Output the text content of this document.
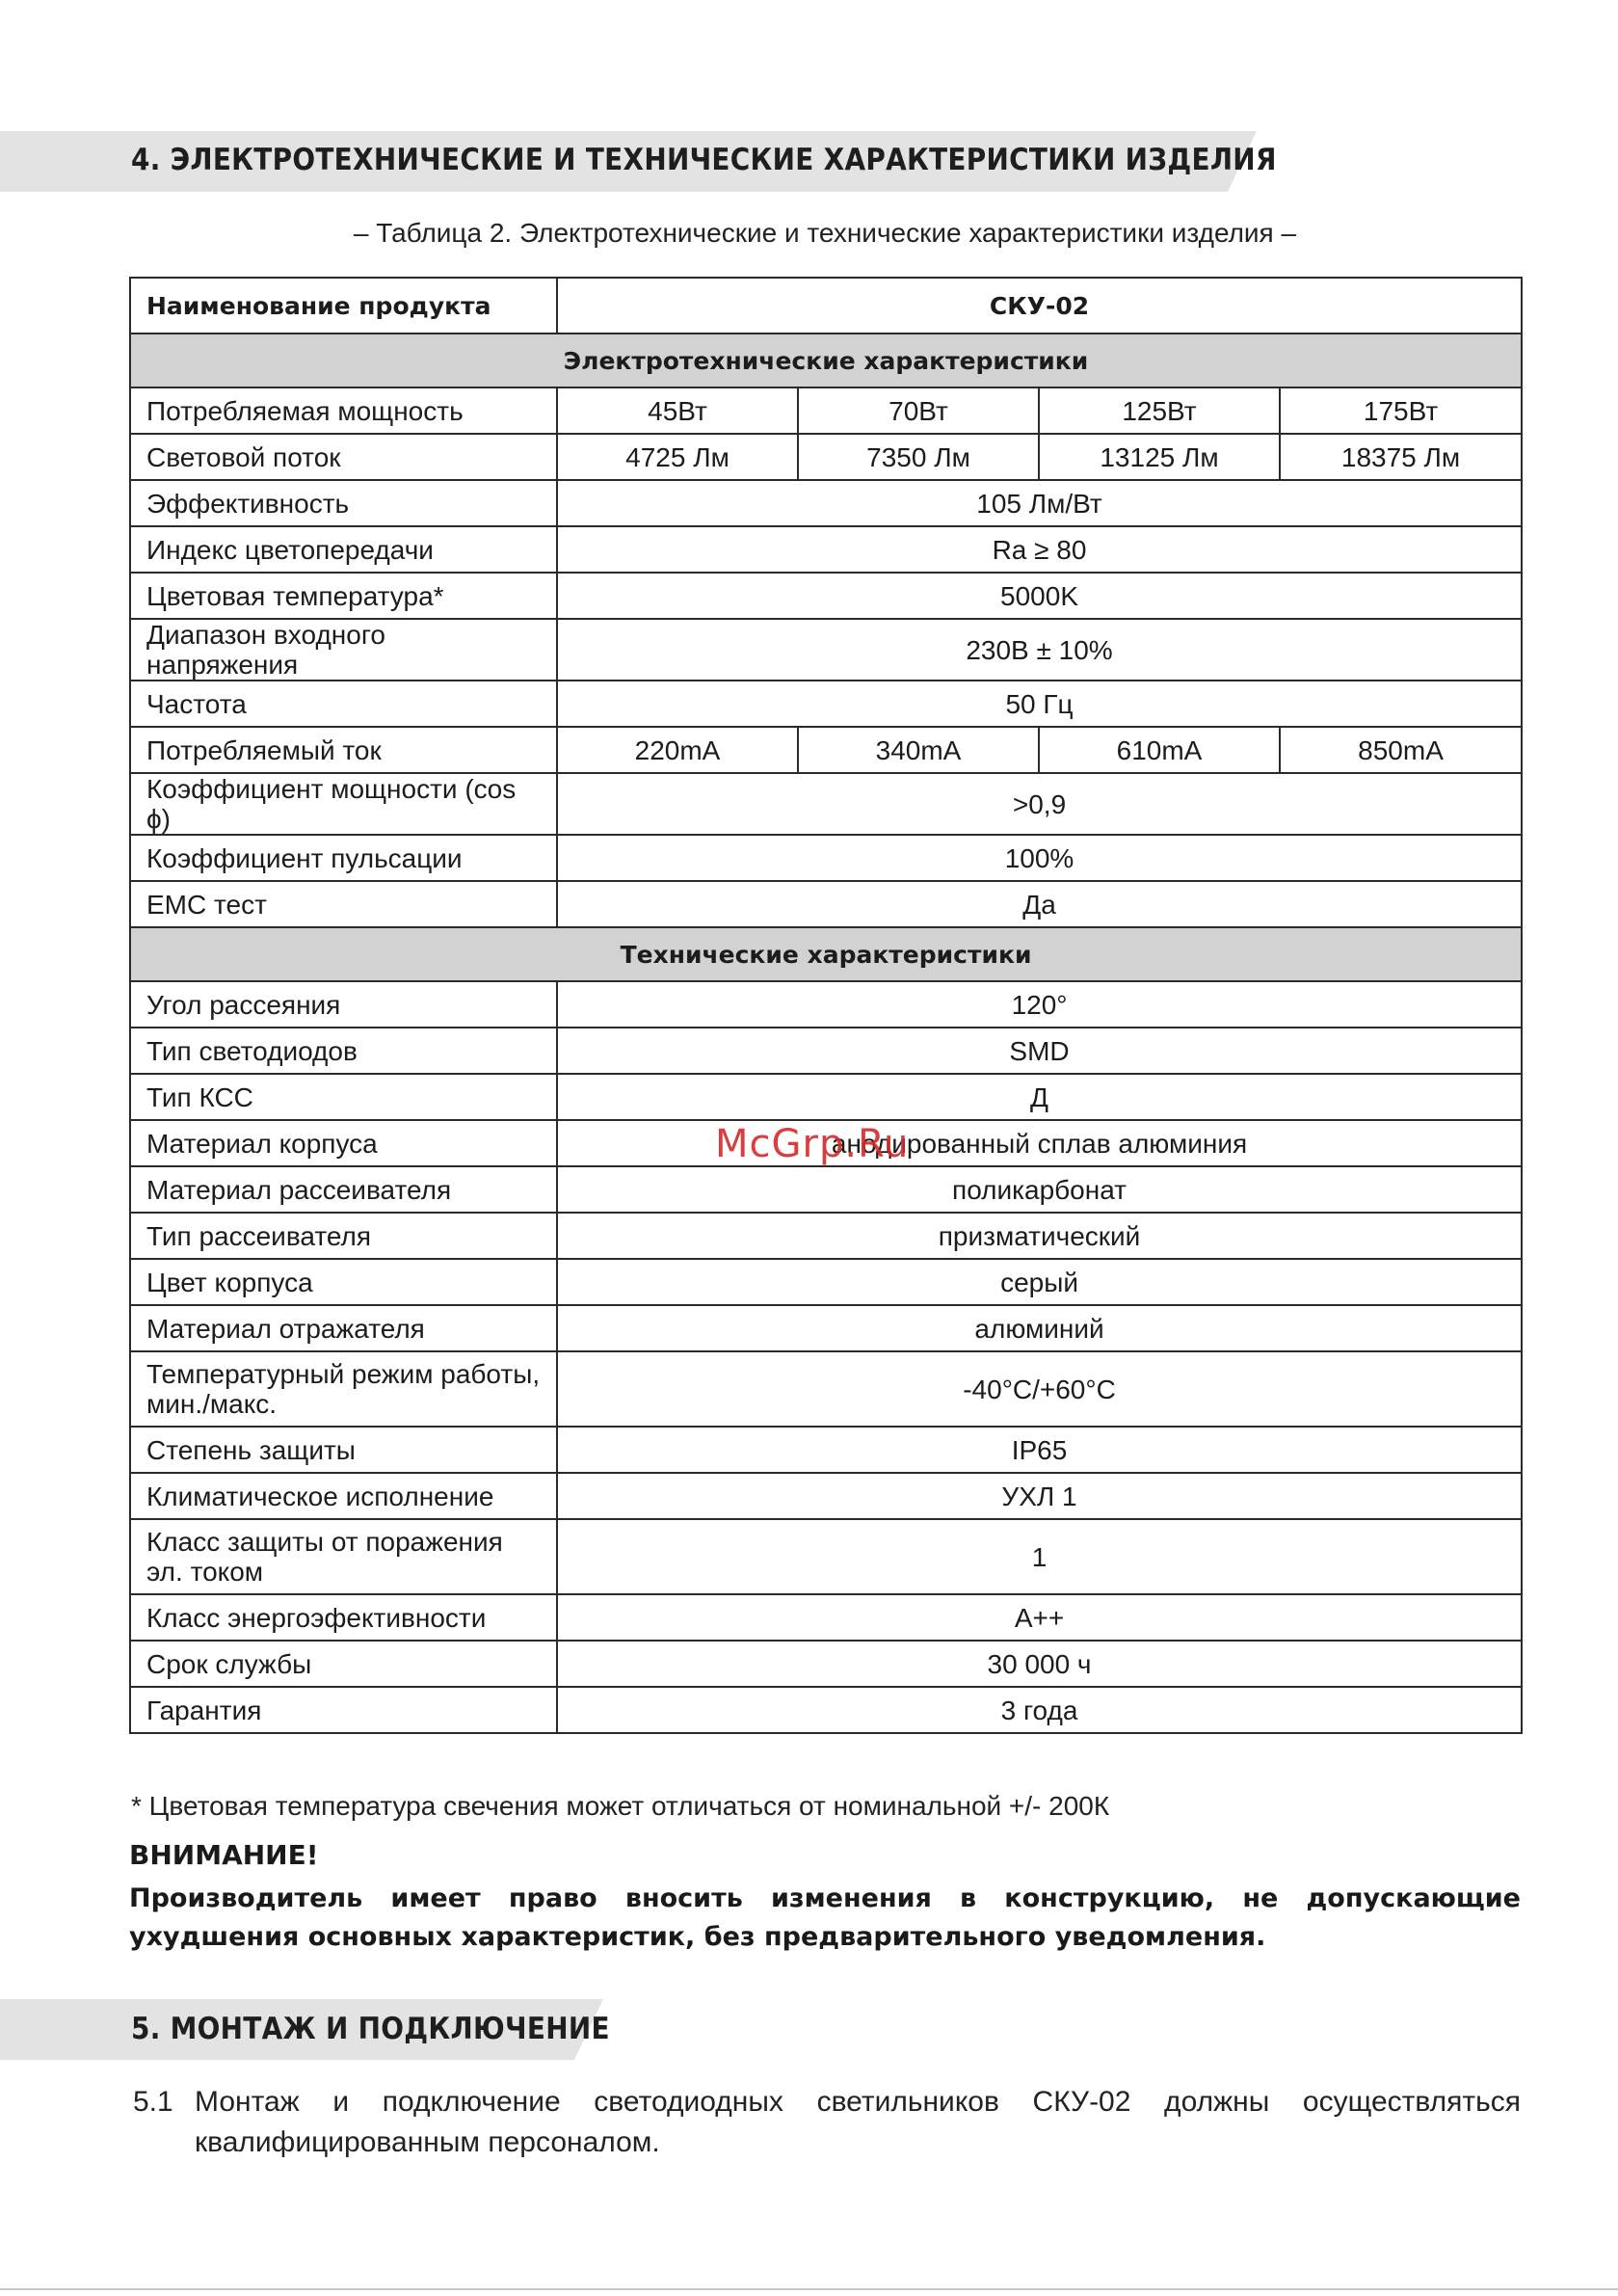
4. ЭЛЕКТРОТЕХНИЧЕСКИЕ И ТЕХНИЧЕСКИЕ ХАРАКТЕРИСТИКИ ИЗДЕЛИЯ
– Таблица 2. Электротехнические и технические характеристики изделия –
Наименование продукта	СКУ-02			
Электротехнические характеристики				
Потребляемая мощность	45Вт	70Вт	125Вт	175Вт
Световой поток	4725 Лм	7350 Лм	13125 Лм	18375 Лм
Эффективность	105 Лм/Вт			
Индекс цветопередачи	Ra ≥ 80			
Цветовая температура*	5000K			
Диапазон входного напряжения	230В ± 10%			
Частота	50 Гц			
Потребляемый ток	220mA	340mA	610mA	850mA
Коэффициент мощности (cos ϕ)	>0,9			
Коэффициент пульсации	100%			
ЕМС тест	Да			
Технические характеристики				
Угол рассеяния	120°			
Тип светодиодов	SMD			
Тип КСС	Д			
Материал корпуса	анодированный сплав алюминия			
Материал рассеивателя	поликарбонат			
Тип рассеивателя	призматический			
Цвет корпуса	серый			
Материал отражателя	алюминий			
Температурный режим работы,
мин./макс.	-40°С/+60°С			
Степень защиты	IP65			
Климатическое исполнение	УХЛ 1			
Класс защиты от поражения
эл. током	1			
Класс энергоэфективности	А++			
Срок службы	30 000 ч			
Гарантия	3 года			
McGrp.Ru
* Цветовая температура свечения может отличаться от номинальной +/- 200К
ВНИМАНИЕ!

Производитель имеет право вносить изменения в конструкцию, не допускающие ухудшения основных характеристик, без предварительного уведомления.

5. МОНТАЖ И ПОДКЛЮЧЕНИЕ
5.1 Монтаж и подключение светодиодных светильников СКУ-02 должны осуществляться
квалифицированным персоналом.
